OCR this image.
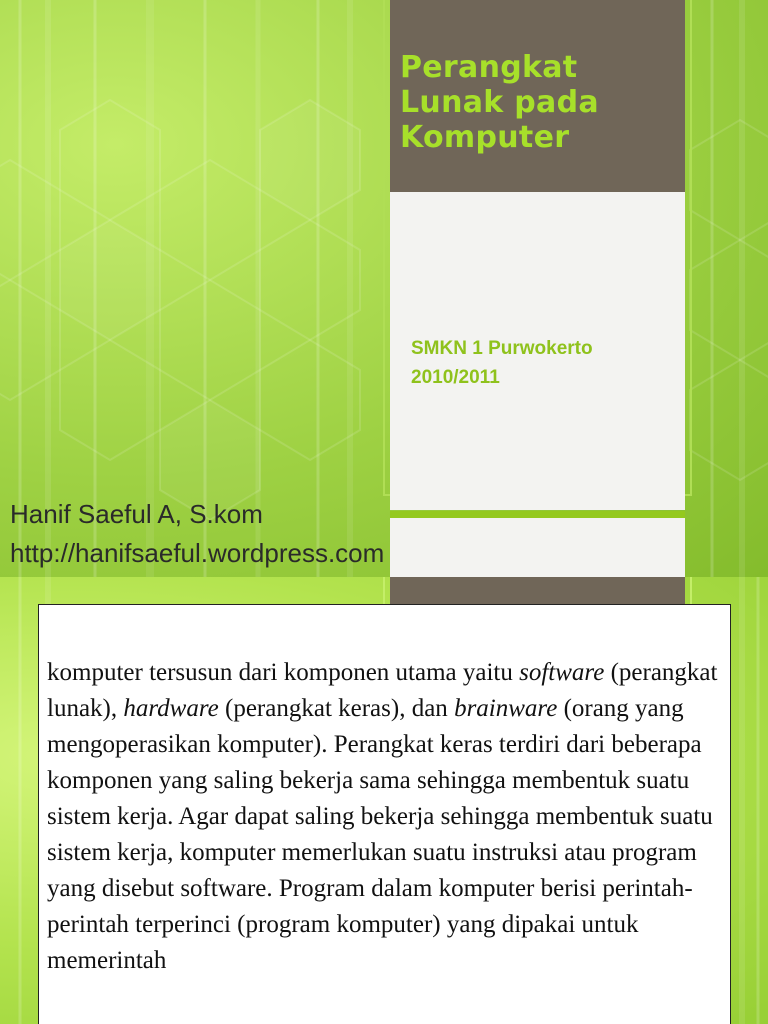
Perangkat Lunak pada Komputer

SMKN 1 Purwokerto
2010/2011

Hanif Saeful A, S.kom

http://hanifsaeful.wordpress.com

komputer tersusun dari komponen utama yaitu software (perangkat lunak), hardware (perangkat keras), dan brainware (orang yang mengoperasikan komputer). Perangkat keras terdiri dari beberapa komponen yang saling bekerja sama sehingga membentuk suatu sistem kerja. Agar dapat saling bekerja sehingga membentuk suatu sistem kerja, komputer memerlukan suatu instruksi atau program yang disebut software. Program dalam komputer berisi perintah-perintah terperinci (program komputer) yang dipakai untuk memerintah
